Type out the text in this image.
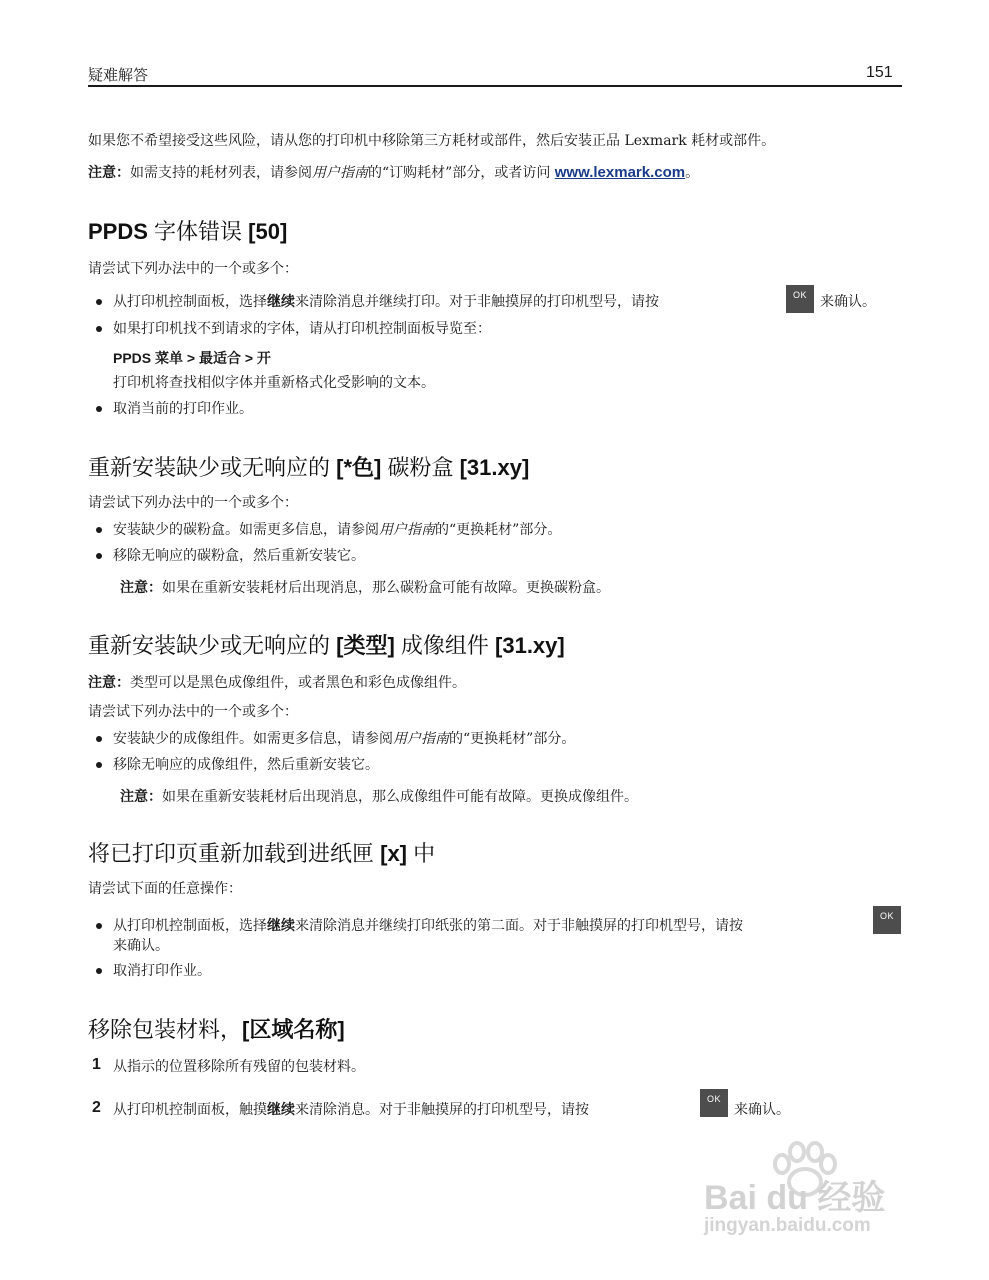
疑难解答	151
如果您不希望接受这些风险，请从您的打印机中移除第三方耗材或部件，然后安装正品 Lexmark 耗材或部件。
注意：如需支持的耗材列表，请参阅用户指南的“订购耗材”部分，或者访问 www.lexmark.com。
PPDS 字体错误 [50]
请尝试下列办法中的一个或多个：
从打印机控制面板，选择继续来清除消息并继续打印。对于非触摸屏的打印机型号，请按	OK 来确认。
如果打印机找不到请求的字体，请从打印机控制面板导览至：
PPDS 菜单 > 最适合 > 开
打印机将查找相似字体并重新格式化受影响的文本。
取消当前的打印作业。
重新安装缺少或无响应的 [*色] 碳粉盒 [31.xy]
请尝试下列办法中的一个或多个：
安装缺少的碳粉盒。如需更多信息，请参阅用户指南的“更换耗材”部分。
移除无响应的碳粉盒，然后重新安装它。
注意：如果在重新安装耗材后出现消息，那么碳粉盒可能有故障。更换碳粉盒。
重新安装缺少或无响应的 [类型] 成像组件 [31.xy]
注意：类型可以是黑色成像组件，或者黑色和彩色成像组件。
请尝试下列办法中的一个或多个：
安装缺少的成像组件。如需更多信息，请参阅用户指南的“更换耗材”部分。
移除无响应的成像组件，然后重新安装它。
注意：如果在重新安装耗材后出现消息，那么成像组件可能有故障。更换成像组件。
将已打印页重新加载到进纸匣 [x] 中
请尝试下面的任意操作：
从打印机控制面板，选择继续来清除消息并继续打印纸张的第二面。对于非触摸屏的打印机型号，请按
OK
来确认。
取消打印作业。
移除包装材料，[区域名称]
1 从指示的位置移除所有残留的包装材料。
2 从打印机控制面板，触摸继续来清除消息。对于非触摸屏的打印机型号，请按
OK
来确认。
Bai du 经验
jingyan.baidu.com
